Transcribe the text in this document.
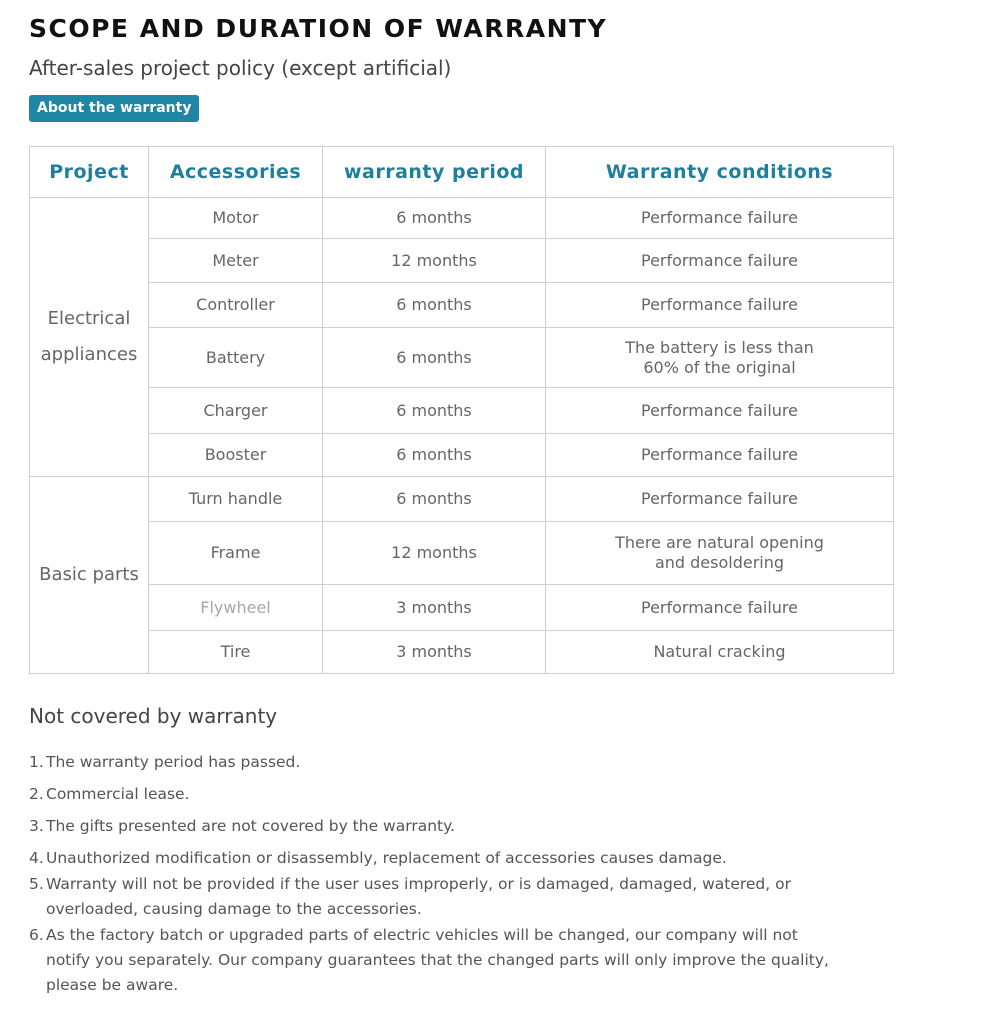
SCOPE AND DURATION OF WARRANTY
After-sales project policy (except artificial)
About the warranty
Project	Accessories	warranty period	Warranty conditions
Electrical appliances	Motor	6 months	Performance failure
	Meter	12 months	Performance failure
	Controller	6 months	Performance failure
	Battery	6 months	The battery is less than 60% of the original
	Charger	6 months	Performance failure
	Booster	6 months	Performance failure
Basic parts	Turn handle	6 months	Performance failure
	Frame	12 months	There are natural opening and desoldering
	Flywheel	3 months	Performance failure
	Tire	3 months	Natural cracking
Not covered by warranty
1. The warranty period has passed.
2. Commercial lease.
3. The gifts presented are not covered by the warranty.
4. Unauthorized modification or disassembly, replacement of accessories causes damage.
5. Warranty will not be provided if the user uses improperly, or is damaged, damaged, watered, or overloaded, causing damage to the accessories.
6. As the factory batch or upgraded parts of electric vehicles will be changed, our company will not notify you separately. Our company guarantees that the changed parts will only improve the quality, please be aware.
